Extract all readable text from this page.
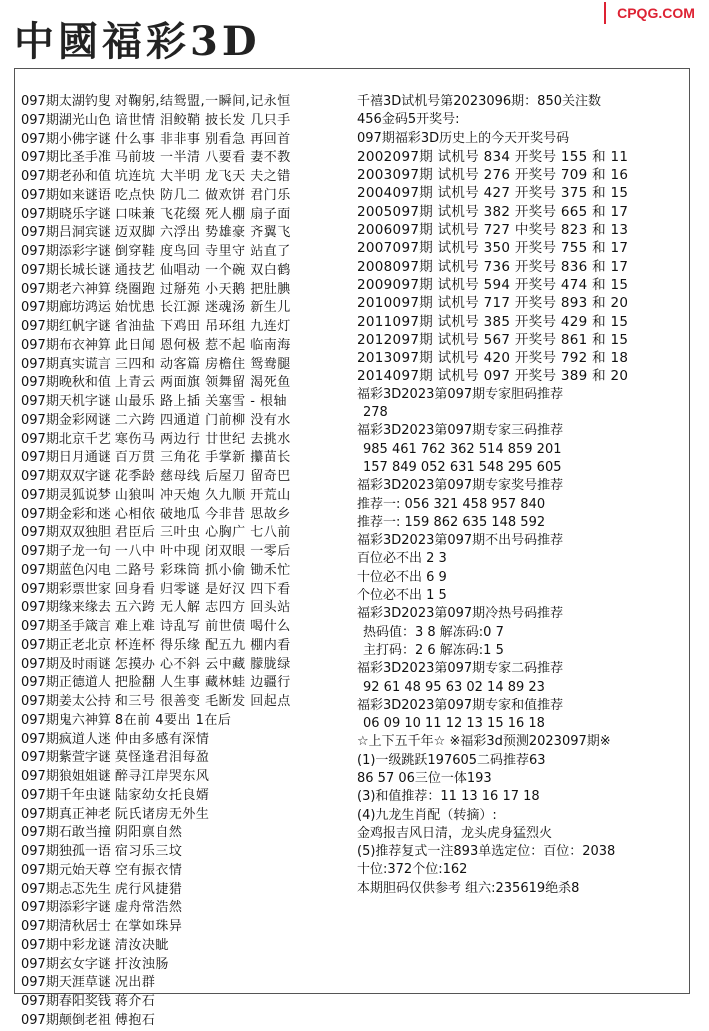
中國福彩3D
CPQG.COM
097期太湖钓叟 对鞠躬,结鸳盟,一瞬间,记永恒
097期湖光山色 谙世情 泪鲛鞘 披长发 几只手
097期小佛字谜 什么事 非非事 别看急 再回首
097期比圣手准 马前坡 一半清 八要看 妻不教
097期老孙和值 坑连坑 大半明 龙飞天 夫之错
097期如来谜语 吃点快 防几二 做欢饼 君门乐
097期晓乐字谜 口味兼 飞花缀 死人棚 扇子面
097期吕洞宾谜 迈双脚 六浮出 势雄豪 齐翼飞
097期添彩字谜 倒穿鞋 度鸟回 寺里守 站直了
097期长城长谜 通技艺 仙唱动 一个碗 双白鹤
097期老六神算 绕圈跑 过掰苑 小天鹅 把肚腆
097期廊坊鸿运 始忧患 长江源 迷魂汤 新生儿
097期红帆字谜 省油盐 下鸡田 吊环组 九连灯
097期布衣神算 此日闻 恩何极 惹不起 临南海
097期真实谎言 三四和 动客篇 房檐住 鸳鸯腿
097期晚秋和值 上青云 两面旗 领舞留 渴死鱼
097期天机字谜 山最乐 路上插 关塞雪 - 根轴
097期金彩网谜 二六跨 四通道 门前柳 没有水
097期北京千艺 寒伤马 两边行 廿世纪 去挑水
097期日月通谜 百万贯 三角花 手掌新 攥苗长
097期双双字谜 花季龄 慈母线 后屋刀 留奇巴
097期灵狐说梦 山狼叫 冲天炮 久九顺 开荒山
097期金彩和迷 心相依 破地瓜 今非昔 思故乡
097期双双独胆 君臣后 三叶虫 心胸广 七八前
097期子龙一句 一八中 叶中现 闭双眼 一零后
097期蓝色闪电 二路号 彩珠筒 抓小偷 锄禾忙
097期彩票世家 回身看 归零谜 是好汉 四下看
097期缘来缘去 五六跨 无人解 志四方 回头站
097期圣手箴言 难上难 诗乱写 前世债 喝什么
097期正老北京 杯连杯 得乐缘 配五九 棚内看
097期及时雨谜 怎摸办 心不斜 云中藏 朦胧绿
097期正德道人 把脸翻 人生事 藏林蛙 边疆行
097期姜太公持 和三号 很善变 毛断发 回起点
097期鬼六神算 8在前 4要出 1在后
097期疯道人迷 仲由多感有深情
097期紫萱字谜 莫怪逢君泪每盈
097期狼姐姐谜 醉寻江岸哭东风
097期千年虫谜 陆家幼女托良婿
097期真正神老 阮氏诸房无外生
097期石敢当撞 阴阳禀自然
097期独孤一语 宿习乐三坟
097期元始天尊 空有振衣情
097期忐忑先生 虎行风捷猎
097期添彩字谜 虚舟常浩然
097期清秋居士 在掌如珠异
097期中彩龙谜 清汝决眦
097期玄女字谜 扞汝浊肠
097期天涯草谜 况出群
097期春阳奖钱 蒋介石
097期颠倒老祖 傅抱石
千禧3D试机号第2023096期：850关注数
456金码5开奖号:
097期福彩3D历史上的今天开奖号码
2002097期 试机号 834 开奖号 155 和 11
2003097期 试机号 276 开奖号 709 和 16
2004097期 试机号 427 开奖号 375 和 15
2005097期 试机号 382 开奖号 665 和 17
2006097期 试机号 727 中奖号 823 和 13
2007097期 试机号 350 开奖号 755 和 17
2008097期 试机号 736 开奖号 836 和 17
2009097期 试机号 594 开奖号 474 和 15
2010097期 试机号 717 开奖号 893 和 20
2011097期 试机号 385 开奖号 429 和 15
2012097期 试机号 567 开奖号 861 和 15
2013097期 试机号 420 开奖号 792 和 18
2014097期 试机号 097 开奖号 389 和 20
福彩3D2023第097期专家胆码推荐
278
福彩3D2023第097期专家三码推荐
985 461 762 362 514 859 201
157 849 052 631 548 295 605
福彩3D2023第097期专家奖号推荐
推荐一: 056 321 458 957 840
推荐一: 159 862 635 148 592
福彩3D2023第097期不出号码推荐
百位必不出 2 3
十位必不出 6 9
个位必不出 1 5
福彩3D2023第097期冷热号码推荐
热码值：3 8 解冻码:0 7
主打码：2 6 解冻码:1 5
福彩3D2023第097期专家二码推荐
92 61 48 95 63 02 14 89 23
福彩3D2023第097期专家和值推荐
06 09 10 11 12 13 15 16 18
☆上下五千年☆ ※福彩3d预测2023097期※
(1)一级跳跃197605二码推荐63
86 57 06三位一体193
(3)和值推荐：11 13 16 17 18
(4)九龙生肖配（转摘）:
金鸡报吉风日清，龙头虎身猛烈火
(5)推荐复式一注893单选定位：百位：2038
十位:372个位:162
本期胆码仅供参考 组六:235619绝杀8
